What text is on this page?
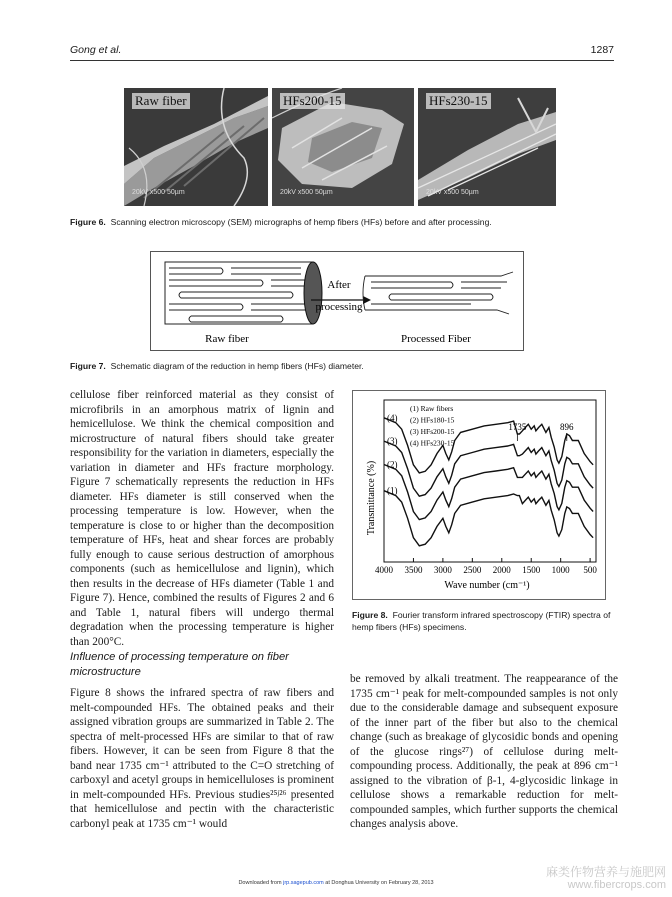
Gong et al.	1287
Raw fiber
20kV x500 50µm
HFs200-15
20kV x500 50µm
HFs230-15
20kV x500 50µm
Figure 6. Scanning electron microscopy (SEM) micrographs of hemp fibers (HFs) before and after processing.
After
processing
Raw fiber	Processed Fiber
Figure 7. Schematic diagram of the reduction in hemp fibers (HFs) diameter.

cellulose fiber reinforced material as they consist of microfibrils in an amorphous matrix of lignin and hemicellulose. We think the chemical composition and microstructure of natural fibers should take greater responsibility for the variation in diameters, especially the variation in diameter and HFs fracture morphology. Figure 7 schematically represents the reduction in HFs diameter. HFs diameter is still conserved when the processing temperature is low. However, when the temperature is close to or higher than the decomposition temperature of HFs, heat and shear forces are probably fully enough to cause serious destruction of amorphous components (such as hemicellulose and lignin), which then results in the decrease of HFs diameter (Table 1 and Figure 7). Hence, combined the results of Figures 2 and 6 and Table 1, natural fibers will undergo thermal degradation when the processing temperature is higher than 200°C.

Influence of processing temperature on fiber microstructure

Figure 8 shows the infrared spectra of raw fibers and melt-compounded HFs. The obtained peaks and their assigned vibration groups are summarized in Table 2. The spectra of melt-processed HFs are similar to that of raw fibers. However, it can be seen from Figure 8 that the band near 1735 cm⁻¹ attributed to the C=O stretching of carboxyl and acetyl groups in hemicelluloses is prominent in melt-compounded HFs. Previous studies²⁵ʲ²⁶ presented that hemicellulose and pectin with the characteristic carbonyl peak at 1735 cm⁻¹ would

4000 3500 3000 2500 2000 1500 1000 500
(1)
(2)
(3)
(4)
1735	896
(1) Raw fibers
(2) HFs180-15
(3) HFs200-15
(4) HFs230-15
Wave number (cm⁻¹)
Transmittance (%)
Figure 8. Fourier transform infrared spectroscopy (FTIR) spectra of hemp fibers (HFs) specimens.

be removed by alkali treatment. The reappearance of the 1735 cm⁻¹ peak for melt-compounded samples is not only due to the considerable damage and subsequent exposure of the inner part of the fiber but also to the chemical change (such as breakage of glycosidic bonds and opening of the glucose rings²⁷) of cellulose during melt-compounding process. Additionally, the peak at 896 cm⁻¹ assigned to the vibration of β-1, 4-glycosidic linkage in cellulose shows a remarkable reduction for melt-compounded samples, which further supports the chemical changes analysis above.

Downloaded from jrp.sagepub.com at Donghua University on February 28, 2013
麻类作物营养与施肥网
www.fibercrops.com
